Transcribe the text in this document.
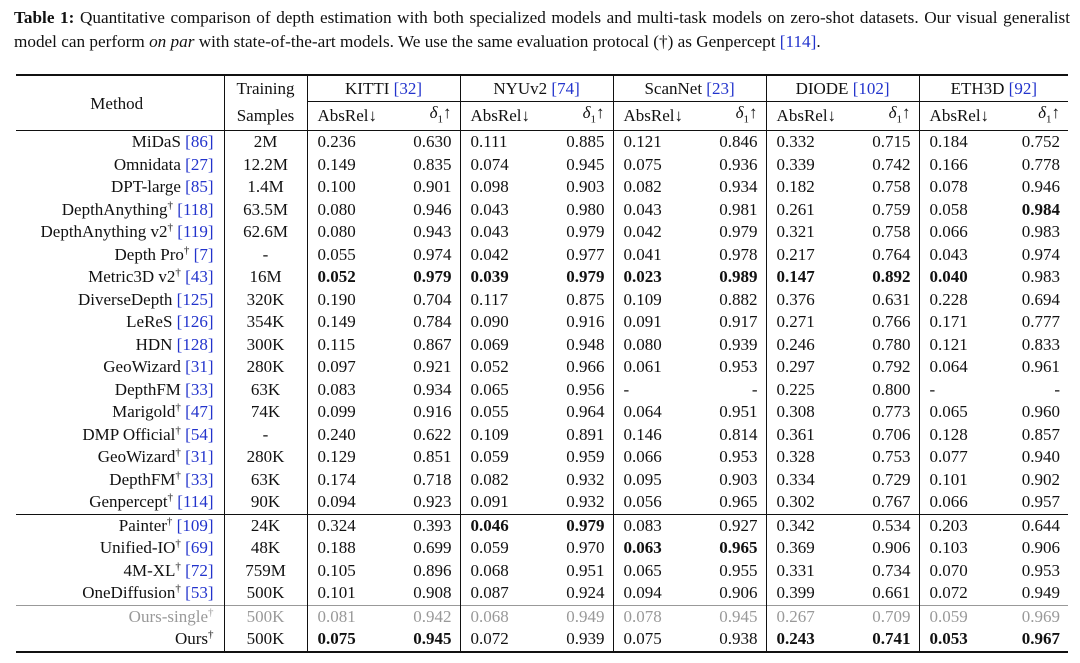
Table 1: Quantitative comparison of depth estimation with both specialized models and multi-task models on zero-shot datasets. Our visual generalist model can perform on par with state-of-the-art models. We use the same evaluation protocal (†) as Genpercept [114].
Method	Training	KITTI [32]		NYUv2 [74]		ScanNet [23]		DIODE [102]		ETH3D [92]	
	Samples	AbsRel↓	$\delta_1↑$	AbsRel↓	$\delta_1↑$	AbsRel↓	$\delta_1↑$	AbsRel↓	$\delta_1↑$	AbsRel↓	$\delta_1↑$
MiDaS [86]	2M	0.236	0.630	0.111	0.885	0.121	0.846	0.332	0.715	0.184	0.752
Omnidata [27]	12.2M	0.149	0.835	0.074	0.945	0.075	0.936	0.339	0.742	0.166	0.778
DPT-large [85]	1.4M	0.100	0.901	0.098	0.903	0.082	0.934	0.182	0.758	0.078	0.946
DepthAnything† [118]	63.5M	0.080	0.946	0.043	0.980	0.043	0.981	0.261	0.759	0.058	0.984
DepthAnything v2† [119]	62.6M	0.080	0.943	0.043	0.979	0.042	0.979	0.321	0.758	0.066	0.983
Depth Pro† [7]	-	0.055	0.974	0.042	0.977	0.041	0.978	0.217	0.764	0.043	0.974
Metric3D v2† [43]	16M	0.052	0.979	0.039	0.979	0.023	0.989	0.147	0.892	0.040	0.983
DiverseDepth [125]	320K	0.190	0.704	0.117	0.875	0.109	0.882	0.376	0.631	0.228	0.694
LeReS [126]	354K	0.149	0.784	0.090	0.916	0.091	0.917	0.271	0.766	0.171	0.777
HDN [128]	300K	0.115	0.867	0.069	0.948	0.080	0.939	0.246	0.780	0.121	0.833
GeoWizard [31]	280K	0.097	0.921	0.052	0.966	0.061	0.953	0.297	0.792	0.064	0.961
DepthFM [33]	63K	0.083	0.934	0.065	0.956	-	-	0.225	0.800	-	-
Marigold† [47]	74K	0.099	0.916	0.055	0.964	0.064	0.951	0.308	0.773	0.065	0.960
DMP Official† [54]	-	0.240	0.622	0.109	0.891	0.146	0.814	0.361	0.706	0.128	0.857
GeoWizard† [31]	280K	0.129	0.851	0.059	0.959	0.066	0.953	0.328	0.753	0.077	0.940
DepthFM† [33]	63K	0.174	0.718	0.082	0.932	0.095	0.903	0.334	0.729	0.101	0.902
Genpercept† [114]	90K	0.094	0.923	0.091	0.932	0.056	0.965	0.302	0.767	0.066	0.957
Painter† [109]	24K	0.324	0.393	0.046	0.979	0.083	0.927	0.342	0.534	0.203	0.644
Unified-IO† [69]	48K	0.188	0.699	0.059	0.970	0.063	0.965	0.369	0.906	0.103	0.906
4M-XL† [72]	759M	0.105	0.896	0.068	0.951	0.065	0.955	0.331	0.734	0.070	0.953
OneDiffusion† [53]	500K	0.101	0.908	0.087	0.924	0.094	0.906	0.399	0.661	0.072	0.949
Ours-single†	500K	0.081	0.942	0.068	0.949	0.078	0.945	0.267	0.709	0.059	0.969
Ours†	500K	0.075	0.945	0.072	0.939	0.075	0.938	0.243	0.741	0.053	0.967
